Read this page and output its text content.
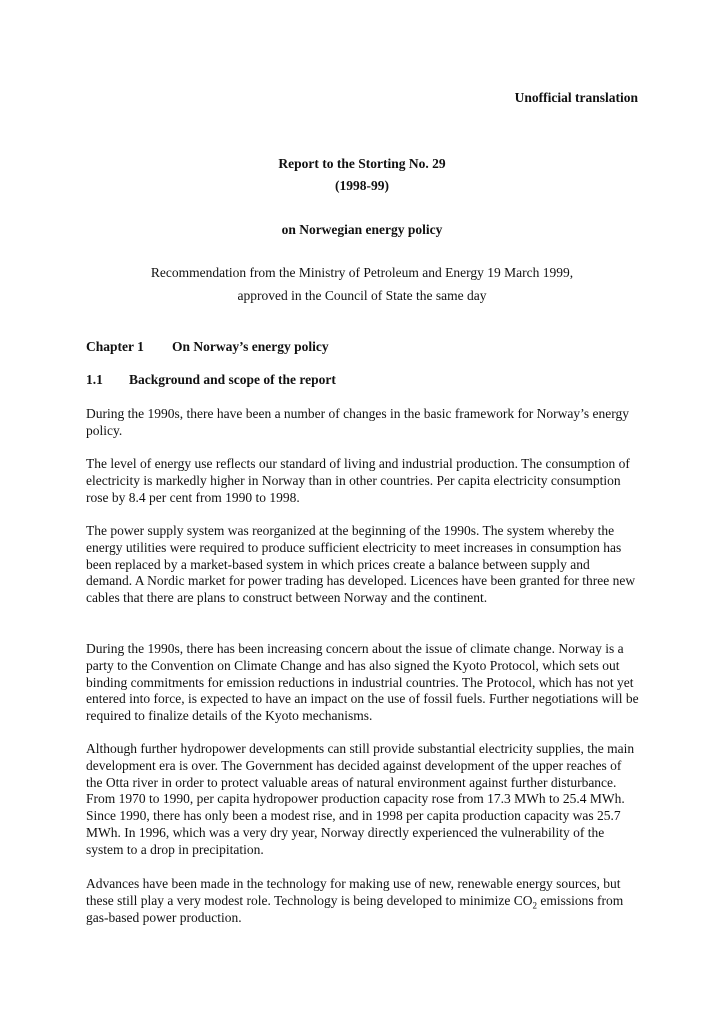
Unofficial translation
Report to the Storting No. 29
(1998-99)
on Norwegian energy policy
Recommendation from the Ministry of Petroleum and Energy 19 March 1999,
approved in the Council of State the same day
Chapter 1 On Norway’s energy policy
1.1 Background and scope of the report

During the 1990s, there have been a number of changes in the basic framework for Norway’s energy policy.

The level of energy use reflects our standard of living and industrial production. The consumption of electricity is markedly higher in Norway than in other countries. Per capita electricity consumption rose by 8.4 per cent from 1990 to 1998.

The power supply system was reorganized at the beginning of the 1990s. The system whereby the energy utilities were required to produce sufficient electricity to meet increases in consumption has been replaced by a market-based system in which prices create a balance between supply and demand. A Nordic market for power trading has developed. Licences have been granted for three new cables that there are plans to construct between Norway and the continent.

During the 1990s, there has been increasing concern about the issue of climate change. Norway is a party to the Convention on Climate Change and has also signed the Kyoto Protocol, which sets out binding commitments for emission reductions in industrial countries. The Protocol, which has not yet entered into force, is expected to have an impact on the use of fossil fuels. Further negotiations will be required to finalize details of the Kyoto mechanisms.

Although further hydropower developments can still provide substantial electricity supplies, the main development era is over. The Government has decided against development of the upper reaches of the Otta river in order to protect valuable areas of natural environment against further disturbance. From 1970 to 1990, per capita hydropower production capacity rose from 17.3 MWh to 25.4 MWh. Since 1990, there has only been a modest rise, and in 1998 per capita production capacity was 25.7 MWh. In 1996, which was a very dry year, Norway directly experienced the vulnerability of the system to a drop in precipitation.

Advances have been made in the technology for making use of new, renewable energy sources, but these still play a very modest role. Technology is being developed to minimize $CO_2$ emissions from gas-based power production.
